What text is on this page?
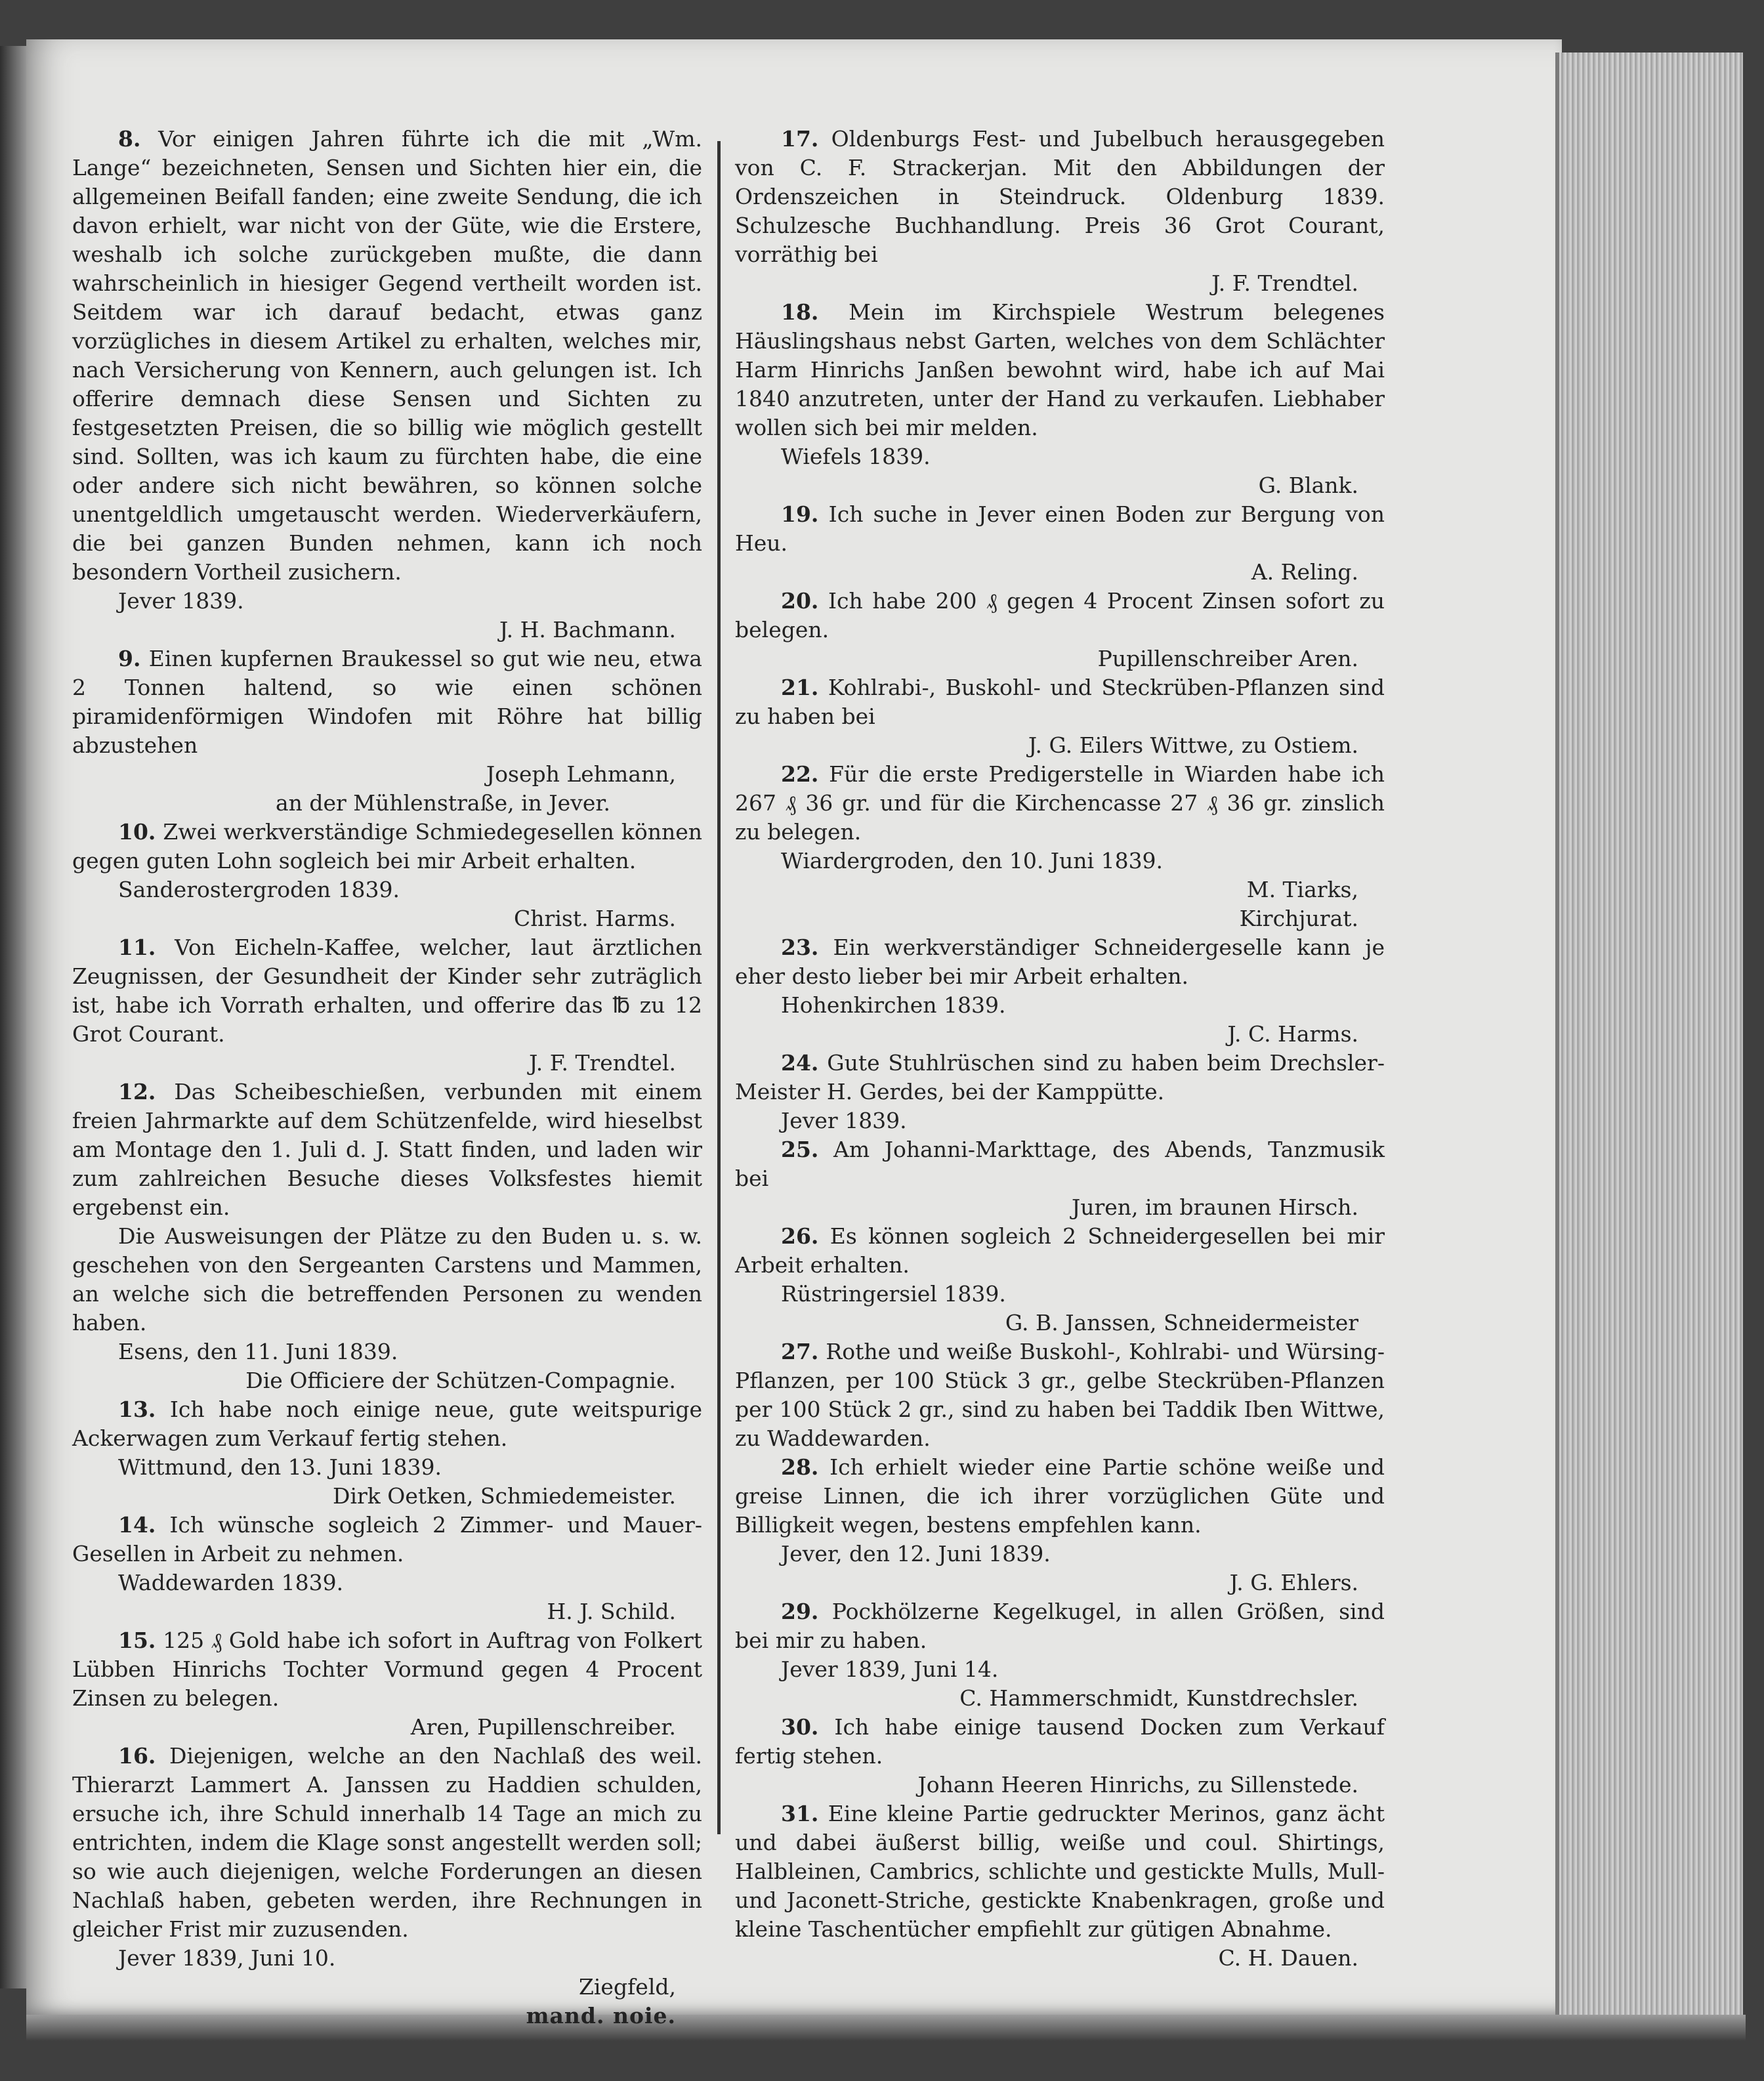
8. Vor einigen Jahren führte ich die mit „Wm. Lange“ bezeichneten, Sensen und Sichten hier ein, die allgemeinen Beifall fanden; eine zweite Sendung, die ich davon erhielt, war nicht von der Güte, wie die Erstere, weshalb ich solche zurückgeben mußte, die dann wahrscheinlich in hiesiger Gegend vertheilt worden ist. Seitdem war ich darauf bedacht, etwas ganz vorzügliches in diesem Artikel zu erhalten, welches mir, nach Versicherung von Kennern, auch gelungen ist. Ich offerire demnach diese Sensen und Sichten zu festgesetzten Preisen, die so billig wie möglich gestellt sind. Sollten, was ich kaum zu fürchten habe, die eine oder andere sich nicht bewähren, so können solche unentgeldlich umgetauscht werden. Wiederverkäufern, die bei ganzen Bunden nehmen, kann ich noch besondern Vortheil zusichern.

Jever 1839.

J. H. Bachmann.

9. Einen kupfernen Braukessel so gut wie neu, etwa 2 Tonnen haltend, so wie einen schönen piramidenförmigen Windofen mit Röhre hat billig abzustehen

Joseph Lehmann,

an der Mühlenstraße, in Jever.

10. Zwei werkverständige Schmiedegesellen können gegen guten Lohn sogleich bei mir Arbeit erhalten.

Sanderostergroden 1839.

Christ. Harms.

11. Von Eicheln-Kaffee, welcher, laut ärztlichen Zeugnissen, der Gesundheit der Kinder sehr zuträglich ist, habe ich Vorrath erhalten, und offerire das ℔ zu 12 Grot Courant.

J. F. Trendtel.

12. Das Scheibeschießen, verbunden mit einem freien Jahrmarkte auf dem Schützenfelde, wird hieselbst am Montage den 1. Juli d. J. Statt finden, und laden wir zum zahlreichen Besuche dieses Volksfestes hiemit ergebenst ein.

Die Ausweisungen der Plätze zu den Buden u. s. w. geschehen von den Sergeanten Carstens und Mammen, an welche sich die betreffenden Personen zu wenden haben.

Esens, den 11. Juni 1839.

Die Officiere der Schützen-Compagnie.

13. Ich habe noch einige neue, gute weitspurige Ackerwagen zum Verkauf fertig stehen.

Wittmund, den 13. Juni 1839.

Dirk Oetken, Schmiedemeister.

14. Ich wünsche sogleich 2 Zimmer- und Mauer-Gesellen in Arbeit zu nehmen.

Waddewarden 1839.

H. J. Schild.

15. 125 ₰ Gold habe ich sofort in Auftrag von Folkert Lübben Hinrichs Tochter Vormund gegen 4 Procent Zinsen zu belegen.

Aren, Pupillenschreiber.

16. Diejenigen, welche an den Nachlaß des weil. Thierarzt Lammert A. Janssen zu Haddien schulden, ersuche ich, ihre Schuld innerhalb 14 Tage an mich zu entrichten, indem die Klage sonst angestellt werden soll; so wie auch diejenigen, welche Forderungen an diesen Nachlaß haben, gebeten werden, ihre Rechnungen in gleicher Frist mir zuzusenden.

Jever 1839, Juni 10.

Ziegfeld,

mand. noie.

17. Oldenburgs Fest- und Jubelbuch herausgegeben von C. F. Strackerjan. Mit den Abbildungen der Ordenszeichen in Steindruck. Oldenburg 1839. Schulzesche Buchhandlung. Preis 36 Grot Courant, vorräthig bei

J. F. Trendtel.

18. Mein im Kirchspiele Westrum belegenes Häuslingshaus nebst Garten, welches von dem Schlächter Harm Hinrichs Janßen bewohnt wird, habe ich auf Mai 1840 anzutreten, unter der Hand zu verkaufen. Liebhaber wollen sich bei mir melden.

Wiefels 1839.

G. Blank.

19. Ich suche in Jever einen Boden zur Bergung von Heu.

A. Reling.

20. Ich habe 200 ₰ gegen 4 Procent Zinsen sofort zu belegen.

Pupillenschreiber Aren.

21. Kohlrabi-, Buskohl- und Steckrüben-Pflanzen sind zu haben bei

J. G. Eilers Wittwe, zu Ostiem.

22. Für die erste Predigerstelle in Wiarden habe ich 267 ₰ 36 gr. und für die Kirchencasse 27 ₰ 36 gr. zinslich zu belegen.

Wiardergroden, den 10. Juni 1839.

M. Tiarks,

Kirchjurat.

23. Ein werkverständiger Schneidergeselle kann je eher desto lieber bei mir Arbeit erhalten.

Hohenkirchen 1839.

J. C. Harms.

24. Gute Stuhlrüschen sind zu haben beim Drechsler-Meister H. Gerdes, bei der Kamppütte.

Jever 1839.

25. Am Johanni-Markttage, des Abends, Tanzmusik bei

Juren, im braunen Hirsch.

26. Es können sogleich 2 Schneidergesellen bei mir Arbeit erhalten.

Rüstringersiel 1839.

G. B. Janssen, Schneidermeister

27. Rothe und weiße Buskohl-, Kohlrabi- und Würsing-Pflanzen, per 100 Stück 3 gr., gelbe Steckrüben-Pflanzen per 100 Stück 2 gr., sind zu haben bei Taddik Iben Wittwe, zu Waddewarden.

28. Ich erhielt wieder eine Partie schöne weiße und greise Linnen, die ich ihrer vorzüglichen Güte und Billigkeit wegen, bestens empfehlen kann.

Jever, den 12. Juni 1839.

J. G. Ehlers.

29. Pockhölzerne Kegelkugel, in allen Größen, sind bei mir zu haben.

Jever 1839, Juni 14.

C. Hammerschmidt, Kunstdrechsler.

30. Ich habe einige tausend Docken zum Verkauf fertig stehen.

Johann Heeren Hinrichs, zu Sillenstede.

31. Eine kleine Partie gedruckter Merinos, ganz ächt und dabei äußerst billig, weiße und coul. Shirtings, Halbleinen, Cambrics, schlichte und gestickte Mulls, Mull- und Jaconett-Striche, gestickte Knabenkragen, große und kleine Taschentücher empfiehlt zur gütigen Abnahme.

C. H. Dauen.
